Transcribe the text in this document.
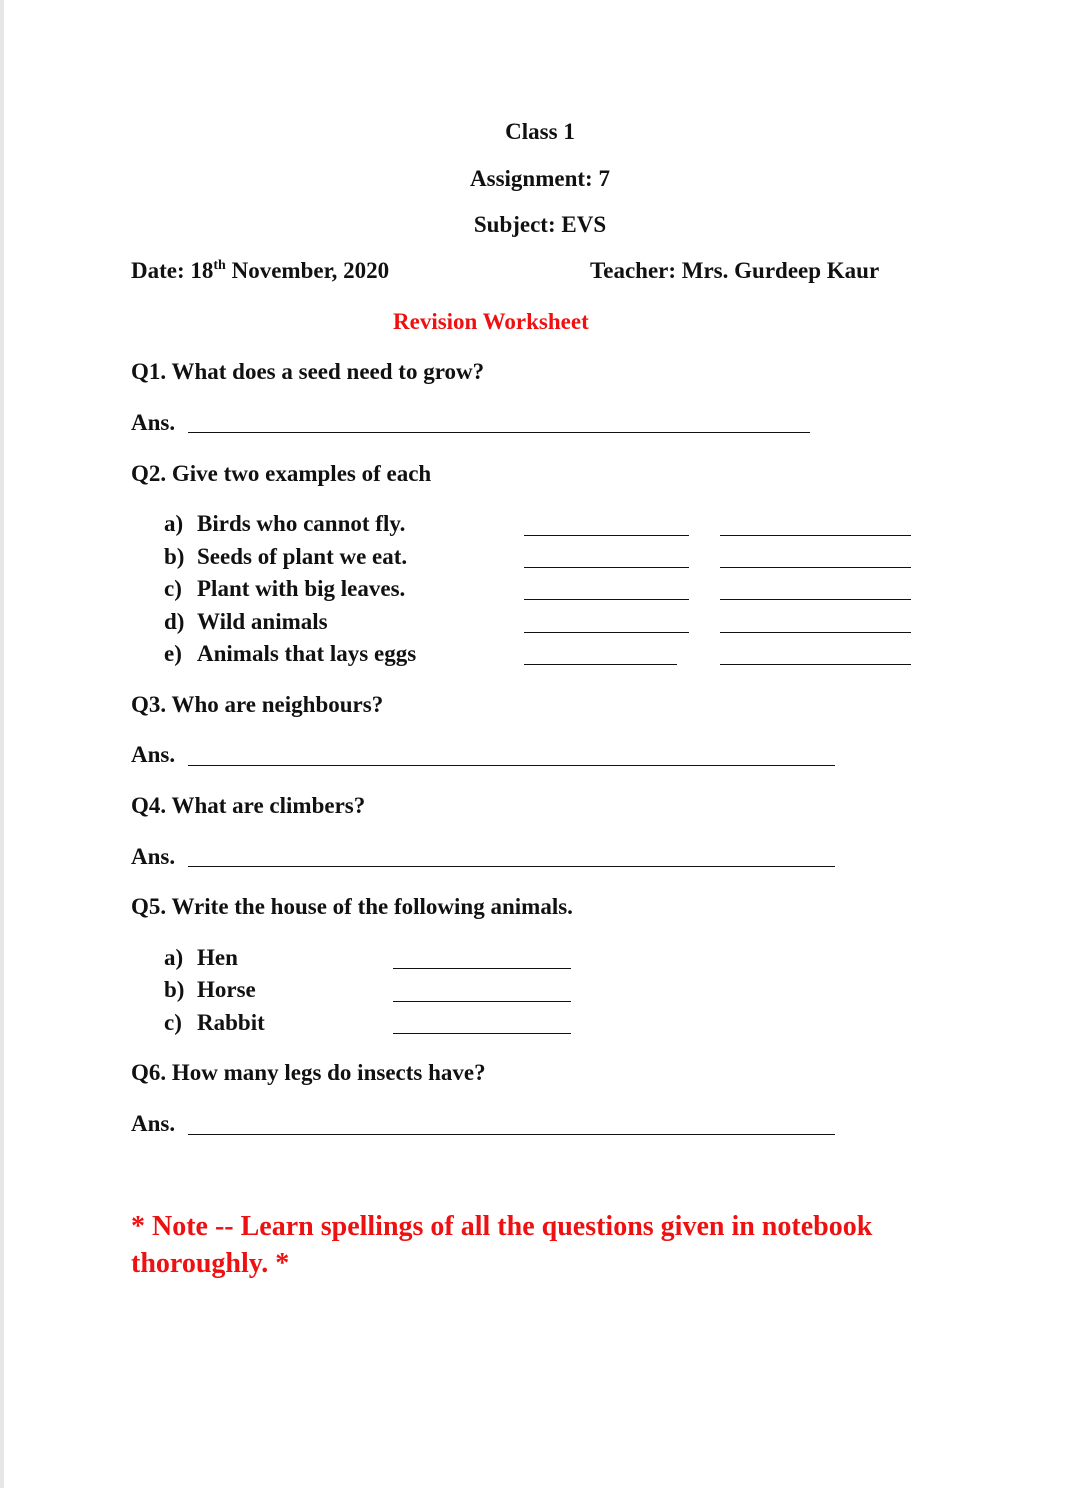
Class 1
Assignment: 7
Subject: EVS
Date: 18th November, 2020	Teacher: Mrs. Gurdeep Kaur
Revision Worksheet
Q1. What does a seed need to grow?
Ans.
Q2. Give two examples of each
a) Birds who cannot fly.
b) Seeds of plant we eat.
c) Plant with big leaves.
d) Wild animals
e) Animals that lays eggs
Q3. Who are neighbours?
Ans.
Q4. What are climbers?
Ans.
Q5. Write the house of the following animals.
a) Hen
b) Horse
c) Rabbit
Q6. How many legs do insects have?
Ans.
* Note -- Learn spellings of all the questions given in notebook thoroughly. *
